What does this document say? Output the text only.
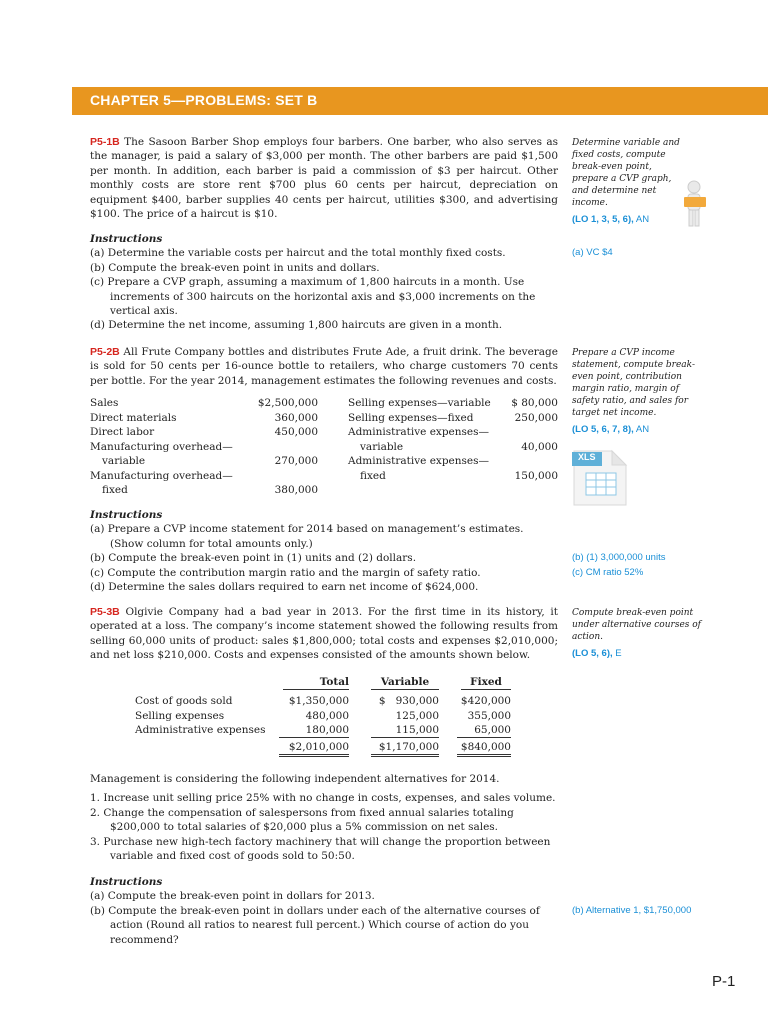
CHAPTER 5—PROBLEMS: SET B

P5-1B The Sasoon Barber Shop employs four barbers. One barber, who also serves as the manager, is paid a salary of $3,000 per month. The other barbers are paid $1,500 per month. In addition, each barber is paid a commission of $3 per haircut. Other monthly costs are store rent $700 plus 60 cents per haircut, depreciation on equipment $400, barber supplies 40 cents per haircut, utilities $300, and advertising $100. The price of a haircut is $10.

Instructions

(a) Determine the variable costs per haircut and the total monthly fixed costs.
(b) Compute the break-even point in units and dollars.
(c) Prepare a CVP graph, assuming a maximum of 1,800 haircuts in a month. Use increments of 300 haircuts on the horizontal axis and $3,000 increments on the vertical axis.
(d) Determine the net income, assuming 1,800 haircuts are given in a month.
Determine variable and fixed costs, compute break-even point, prepare a CVP graph, and determine net income.
(LO 1, 3, 5, 6), AN
(a) VC $4

P5-2B All Frute Company bottles and distributes Frute Ade, a fruit drink. The beverage is sold for 50 cents per 16-ounce bottle to retailers, who charge customers 70 cents per bottle. For the year 2014, management estimates the following revenues and costs.

Sales	$2,500,000
Direct materials	360,000
Direct labor	450,000
Manufacturing overhead—
variable	270,000
Manufacturing overhead—
fixed	380,000
Selling expenses—variable	$ 80,000
Selling expenses—fixed	250,000
Administrative expenses—
variable	40,000
Administrative expenses—
fixed	150,000

Instructions

(a) Prepare a CVP income statement for 2014 based on management’s estimates. (Show column for total amounts only.)
(b) Compute the break-even point in (1) units and (2) dollars.
(c) Compute the contribution margin ratio and the margin of safety ratio.
(d) Determine the sales dollars required to earn net income of $624,000.
Prepare a CVP income statement, compute break-even point, contribution margin ratio, margin of safety ratio, and sales for target net income.
(LO 5, 6, 7, 8), AN
XLS
(b) (1) 3,000,000 units
(c) CM ratio 52%

P5-3B Olgivie Company had a bad year in 2013. For the first time in its history, it operated at a loss. The company’s income statement showed the following results from selling 60,000 units of product: sales $1,800,000; total costs and expenses $2,010,000; and net loss $210,000. Costs and expenses consisted of the amounts shown below.

Total	Variable	Fixed
Cost of goods sold	$1,350,000	$   930,000	$420,000
Selling expenses	480,000	125,000	355,000
Administrative expenses	180,000	115,000	65,000
$2,010,000	$1,170,000	$840,000

Management is considering the following independent alternatives for 2014.

1. Increase unit selling price 25% with no change in costs, expenses, and sales volume.
2. Change the compensation of salespersons from fixed annual salaries totaling $200,000 to total salaries of $20,000 plus a 5% commission on net sales.
3. Purchase new high-tech factory machinery that will change the proportion between variable and fixed cost of goods sold to 50:50.

Instructions

(a) Compute the break-even point in dollars for 2013.
(b) Compute the break-even point in dollars under each of the alternative courses of action (Round all ratios to nearest full percent.) Which course of action do you recommend?
Compute break-even point under alternative courses of action.
(LO 5, 6), E
(b) Alternative 1, $1,750,000
P-1
